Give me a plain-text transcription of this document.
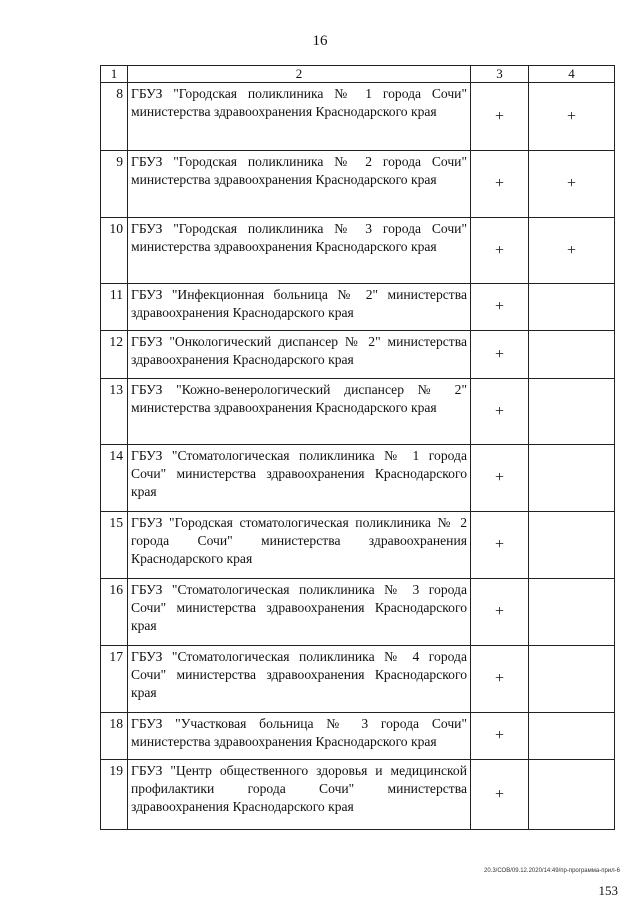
16
1	2	3	4
8	ГБУЗ "Городская поликлиника № 1 города Сочи" министерства здравоохранения Краснодарского края	+	+
9	ГБУЗ "Городская поликлиника № 2 города Сочи" министерства здравоохранения Краснодарского края	+	+
10	ГБУЗ "Городская поликлиника № 3 города Сочи" министерства здравоохранения Краснодарского края	+	+
11	ГБУЗ "Инфекционная больница № 2" министерства здравоохранения Краснодарского края	+	
12	ГБУЗ "Онкологический диспансер № 2" министерства здравоохранения Краснодарского края	+	
13	ГБУЗ "Кожно-венерологический диспансер № 2" министерства здравоохранения Краснодарского края	+	
14	ГБУЗ "Стоматологическая поликлиника № 1 города Сочи" министерства здравоохранения Краснодарского края	+	
15	ГБУЗ "Городская стоматологическая поликлиника № 2 города Сочи" министерства здравоохранения Краснодарского края	+	
16	ГБУЗ "Стоматологическая поликлиника № 3 города Сочи" министерства здравоохранения Краснодарского края	+	
17	ГБУЗ "Стоматологическая поликлиника № 4 города Сочи" министерства здравоохранения Краснодарского края	+	
18	ГБУЗ "Участковая больница № 3 города Сочи" министерства здравоохранения Краснодарского края	+	
19	ГБУЗ "Центр общественного здоровья и медицинской профилактики города Сочи" министерства здравоохранения Краснодарского края	+	
20.3/СОВ/09.12.2020/14:49/пр-программа-прил-6
153
